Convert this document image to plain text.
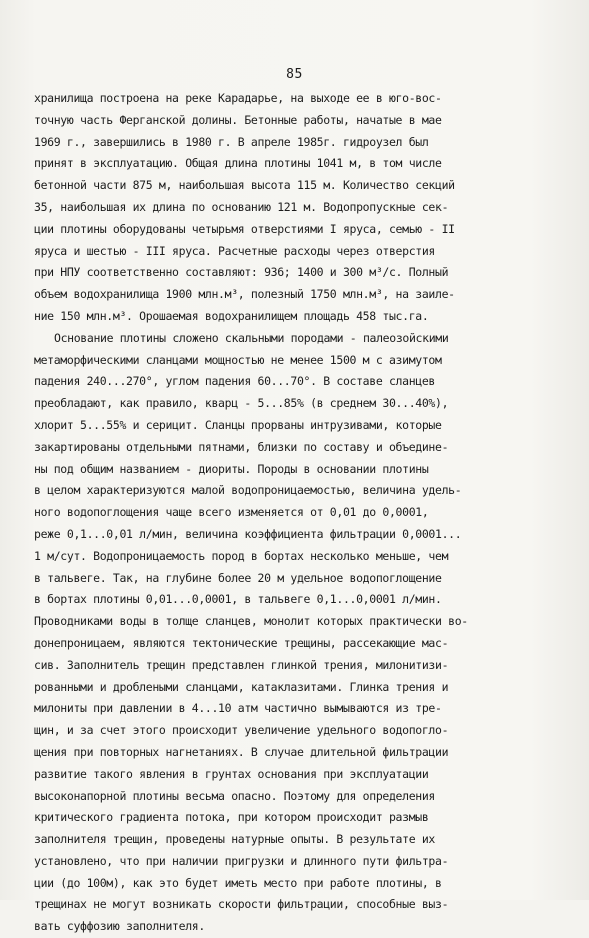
85
хранилища построена на реке Карадарье, на выходе ее в юго-вос-
точную часть Ферганской долины. Бетонные работы, начатые в мае
1969 г., завершились в 1980 г. В апреле 1985г. гидроузел был
принят в эксплуатацию. Общая длина плотины 1041 м, в том числе
бетонной части 875 м, наибольшая высота 115 м. Количество секций
35, наибольшая их длина по основанию 121 м. Водопропускные сек-
ции плотины оборудованы четырьмя отверстиями I яруса, семью - II
яруса и шестью - III яруса. Расчетные расходы через отверстия
при НПУ соответственно составляют: 936; 1400 и 300 м³/с. Полный
объем водохранилища 1900 млн.м³, полезный 1750 млн.м³, на заиле-
ние 150 млн.м³. Орошаемая водохранилищем площадь 458 тыс.га.
Основание плотины сложено скальными породами - палеозойскими
метаморфическими сланцами мощностью не менее 1500 м с азимутом
падения 240...270°, углом падения 60...70°. В составе сланцев
преобладают, как правило, кварц - 5...85% (в среднем 30...40%),
хлорит 5...55% и серицит. Сланцы прорваны интрузивами, которые
закартированы отдельными пятнами, близки по составу и объедине-
ны под общим названием - диориты. Породы в основании плотины
в целом характеризуются малой водопроницаемостью, величина удель-
ного водопоглощения чаще всего изменяется от 0,01 до 0,0001,
реже 0,1...0,01 л/мин, величина коэффициента фильтрации 0,0001...
1 м/сут. Водопроницаемость пород в бортах несколько меньше, чем
в тальвеге. Так, на глубине более 20 м удельное водопоглощение
в бортах плотины 0,01...0,0001, в тальвеге 0,1...0,0001 л/мин.
Проводниками воды в толще сланцев, монолит которых практически во-
донепроницаем, являются тектонические трещины, рассекающие мас-
сив. Заполнитель трещин представлен глинкой трения, милонитизи-
рованными и дроблеными сланцами, катаклазитами. Глинка трения и
милониты при давлении в 4...10 атм частично вымываются из тре-
щин, и за счет этого происходит увеличение удельного водопогло-
щения при повторных нагнетаниях. В случае длительной фильтрации
развитие такого явления в грунтах основания при эксплуатации
высоконапорной плотины весьма опасно. Поэтому для определения
критического градиента потока, при котором происходит размыв
заполнителя трещин, проведены натурные опыты. В результате их
установлено, что при наличии пригрузки и длинного пути фильтра-
ции (до 100м), как это будет иметь место при работе плотины, в
трещинах не могут возникать скорости фильтрации, способные выз-
вать суффозию заполнителя.
